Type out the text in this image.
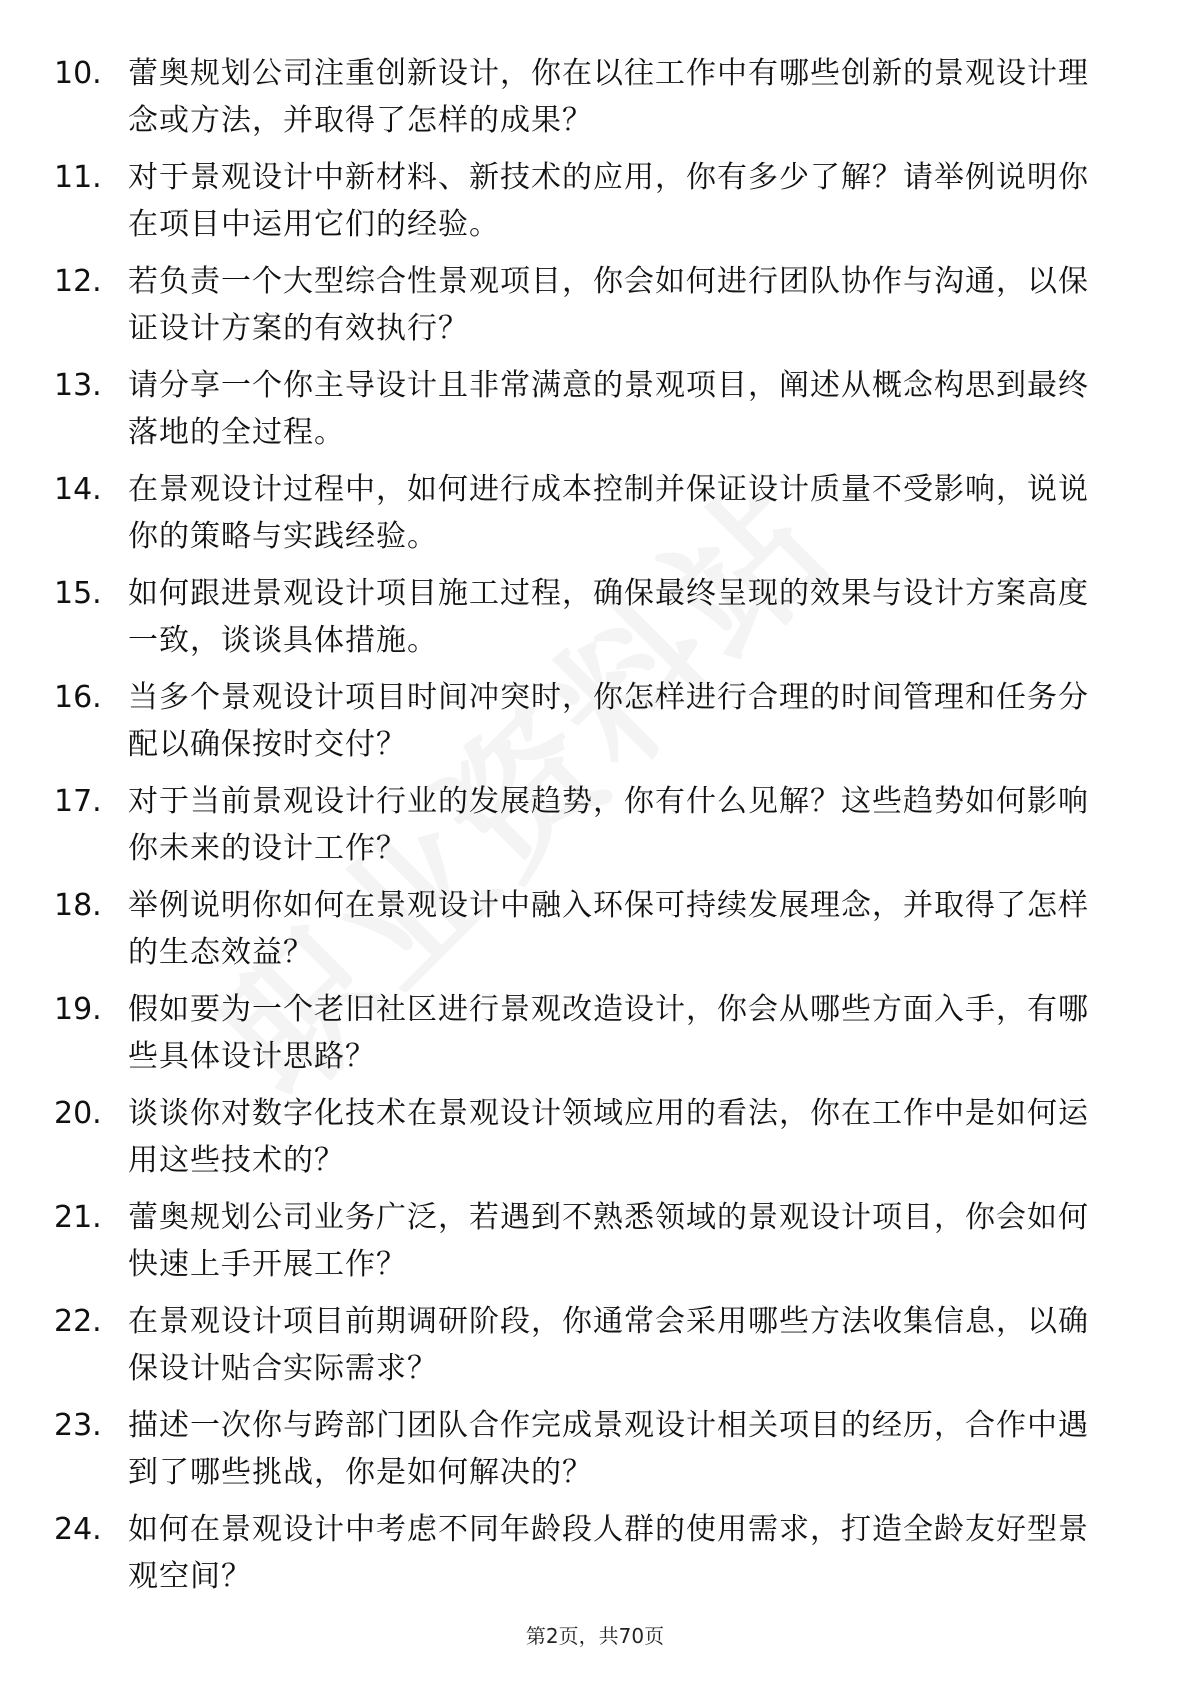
10. 蕾奥规划公司注重创新设计，你在以往工作中有哪些创新的景观设计理念或方法，并取得了怎样的成果？
11. 对于景观设计中新材料、新技术的应用，你有多少了解？请举例说明你在项目中运用它们的经验。
12. 若负责一个大型综合性景观项目，你会如何进行团队协作与沟通，以保证设计方案的有效执行？
13. 请分享一个你主导设计且非常满意的景观项目，阐述从概念构思到最终落地的全过程。
14. 在景观设计过程中，如何进行成本控制并保证设计质量不受影响，说说你的策略与实践经验。
15. 如何跟进景观设计项目施工过程，确保最终呈现的效果与设计方案高度一致，谈谈具体措施。
16. 当多个景观设计项目时间冲突时，你怎样进行合理的时间管理和任务分配以确保按时交付？
17. 对于当前景观设计行业的发展趋势，你有什么见解？这些趋势如何影响你未来的设计工作？
18. 举例说明你如何在景观设计中融入环保可持续发展理念，并取得了怎样的生态效益？
19. 假如要为一个老旧社区进行景观改造设计，你会从哪些方面入手，有哪些具体设计思路？
20. 谈谈你对数字化技术在景观设计领域应用的看法，你在工作中是如何运用这些技术的？
21. 蕾奥规划公司业务广泛，若遇到不熟悉领域的景观设计项目，你会如何快速上手开展工作？
22. 在景观设计项目前期调研阶段，你通常会采用哪些方法收集信息，以确保设计贴合实际需求？
23. 描述一次你与跨部门团队合作完成景观设计相关项目的经历，合作中遇到了哪些挑战，你是如何解决的？
24. 如何在景观设计中考虑不同年龄段人群的使用需求，打造全龄友好型景观空间？
第2页，共70页
